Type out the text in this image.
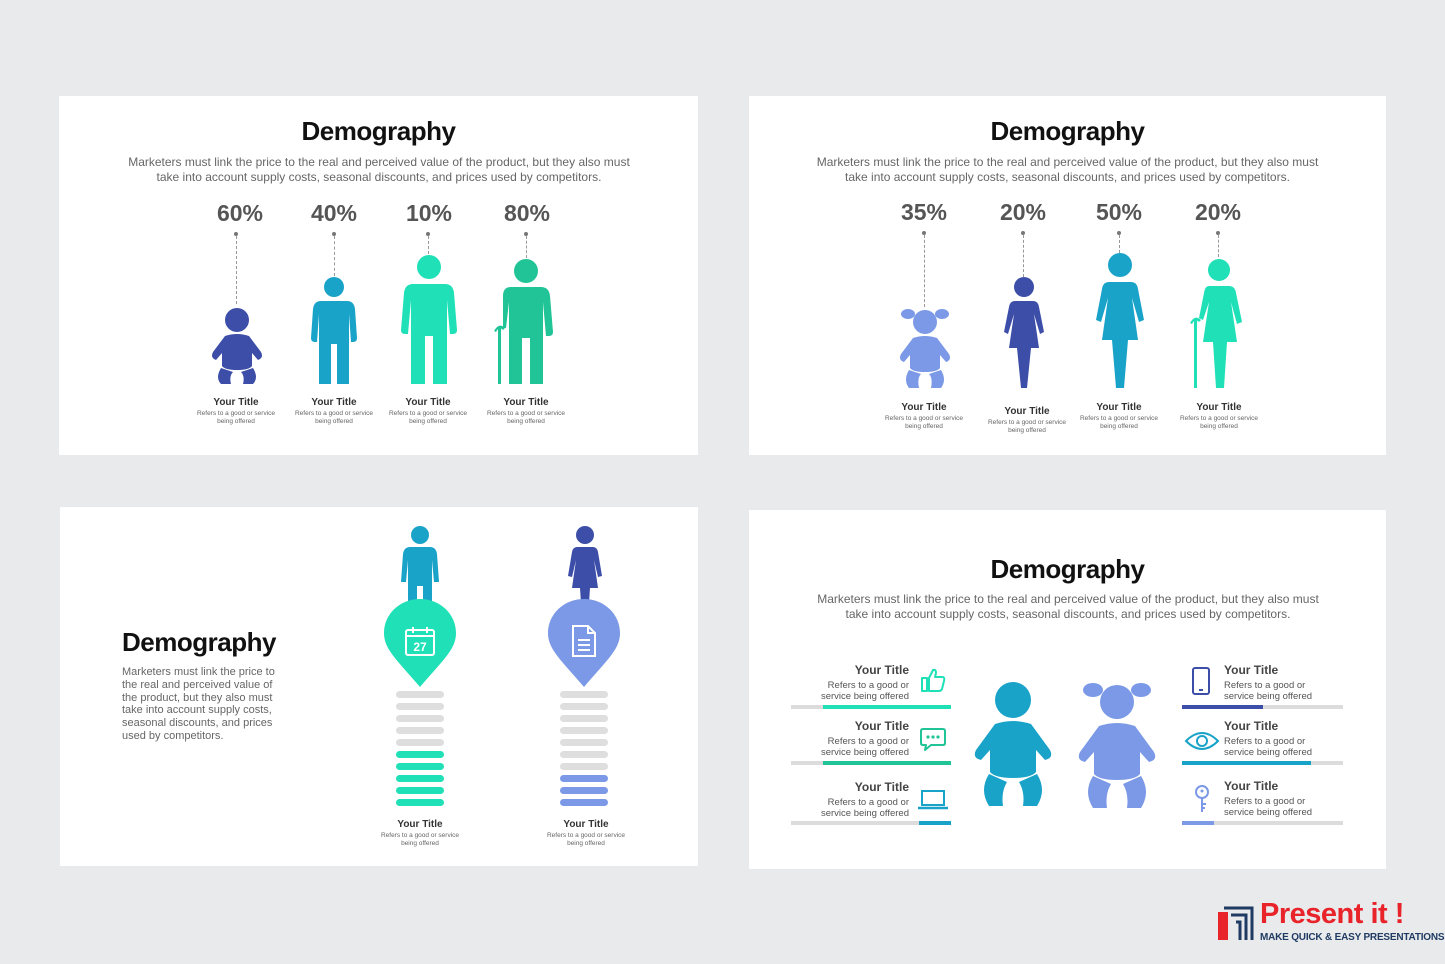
Demography
Marketers must link the price to the real and perceived value of the product, but they also must take into account supply costs, seasonal discounts, and prices used by competitors.
60%	40%	10%	80%
Your Title
Refers to a good or service being offered
Your Title
Refers to a good or service being offered
Your Title
Refers to a good or service being offered
Your Title
Refers to a good or service being offered
Demography
Marketers must link the price to the real and perceived value of the product, but they also must take into account supply costs, seasonal discounts, and prices used by competitors.
35%	20%	50%	20%
Your Title
Refers to a good or service being offered
Your Title
Refers to a good or service being offered
Your Title
Refers to a good or service being offered
Your Title
Refers to a good or service being offered
Demography
Marketers must link the price to the real and perceived value of the product, but they also must take into account supply costs, seasonal discounts, and prices used by competitors.
27
Your Title
Refers to a good or service being offered
Your Title
Refers to a good or service being offered
Demography
Marketers must link the price to the real and perceived value of the product, but they also must take into account supply costs, seasonal discounts, and prices used by competitors.
Your Title
Refers to a good or
service being offered
Your Title
Refers to a good or
service being offered
Your Title
Refers to a good or
service being offered
Your Title
Refers to a good or
service being offered
Your Title
Refers to a good or
service being offered
Your Title
Refers to a good or
service being offered
Present it !
MAKE QUICK & EASY PRESENTATIONS
